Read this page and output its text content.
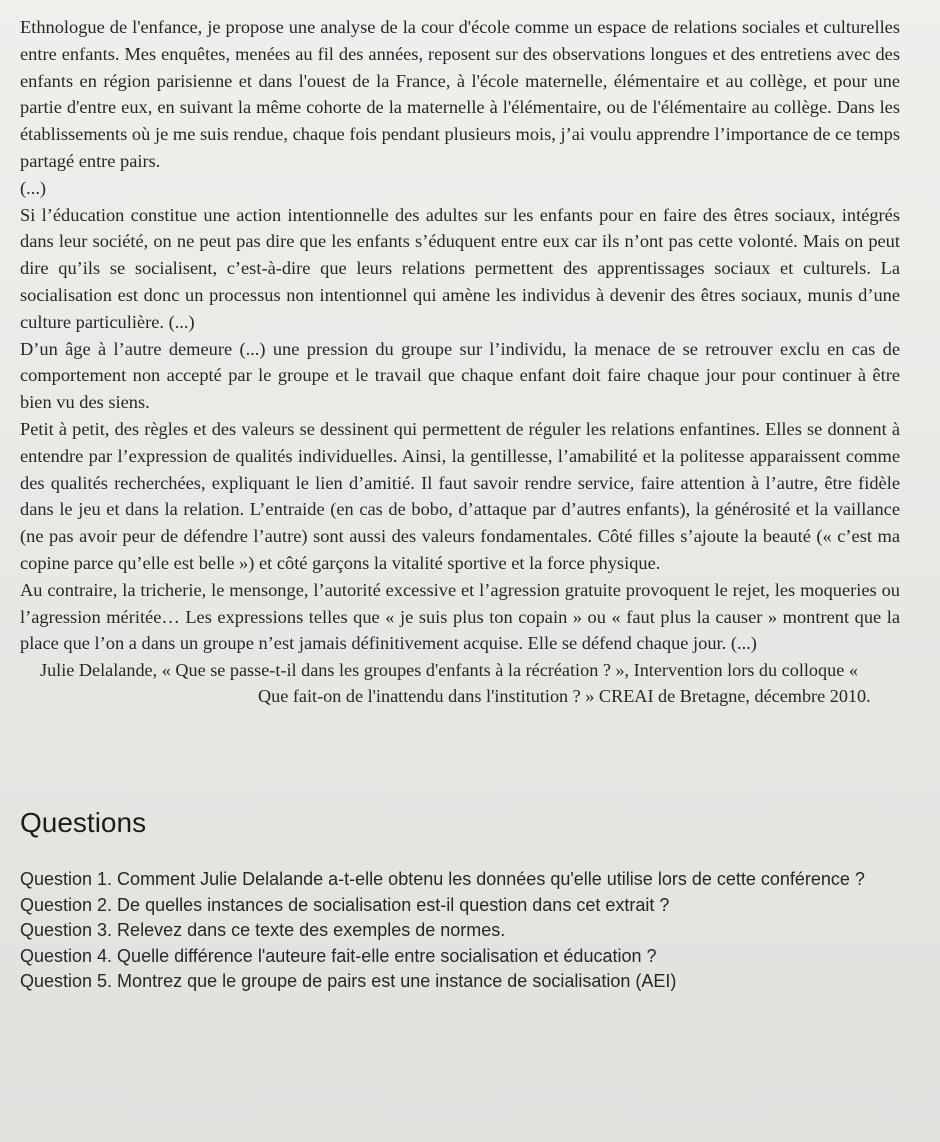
Ethnologue de l'enfance, je propose une analyse de la cour d'école comme un espace de relations sociales et culturelles entre enfants. Mes enquêtes, menées au fil des années, reposent sur des observations longues et des entretiens avec des enfants en région parisienne et dans l'ouest de la France, à l'école maternelle, élémentaire et au collège, et pour une partie d'entre eux, en suivant la même cohorte de la maternelle à l'élémentaire, ou de l'élémentaire au collège. Dans les établissements où je me suis rendue, chaque fois pendant plusieurs mois, j’ai voulu apprendre l’importance de ce temps partagé entre pairs.

(...)

Si l’éducation constitue une action intentionnelle des adultes sur les enfants pour en faire des êtres sociaux, intégrés dans leur société, on ne peut pas dire que les enfants s’éduquent entre eux car ils n’ont pas cette volonté. Mais on peut dire qu’ils se socialisent, c’est-à-dire que leurs relations permettent des apprentissages sociaux et culturels. La socialisation est donc un processus non intentionnel qui amène les individus à devenir des êtres sociaux, munis d’une culture particulière. (...)

D’un âge à l’autre demeure (...) une pression du groupe sur l’individu, la menace de se retrouver exclu en cas de comportement non accepté par le groupe et le travail que chaque enfant doit faire chaque jour pour continuer à être bien vu des siens.

Petit à petit, des règles et des valeurs se dessinent qui permettent de réguler les relations enfantines. Elles se donnent à entendre par l’expression de qualités individuelles. Ainsi, la gentillesse, l’amabilité et la politesse apparaissent comme des qualités recherchées, expliquant le lien d’amitié. Il faut savoir rendre service, faire attention à l’autre, être fidèle dans le jeu et dans la relation. L’entraide (en cas de bobo, d’attaque par d’autres enfants), la générosité et la vaillance (ne pas avoir peur de défendre l’autre) sont aussi des valeurs fondamentales. Côté filles s’ajoute la beauté (« c’est ma copine parce qu’elle est belle ») et côté garçons la vitalité sportive et la force physique.

Au contraire, la tricherie, le mensonge, l’autorité excessive et l’agression gratuite provoquent le rejet, les moqueries ou l’agression méritée… Les expressions telles que « je suis plus ton copain » ou « faut plus la causer » montrent que la place que l’on a dans un groupe n’est jamais définitivement acquise. Elle se défend chaque jour. (...)

Julie Delalande, « Que se passe-t-il dans les groupes d'enfants à la récréation ? », Intervention lors du colloque «
Que fait-on de l'inattendu dans l'institution ? » CREAI de Bretagne, décembre 2010.

Questions
Question 1. Comment Julie Delalande a-t-elle obtenu les données qu'elle utilise lors de cette conférence ?
Question 2. De quelles instances de socialisation est-il question dans cet extrait ?
Question 3. Relevez dans ce texte des exemples de normes.
Question 4. Quelle différence l'auteure fait-elle entre socialisation et éducation ?
Question 5. Montrez que le groupe de pairs est une instance de socialisation (AEI)
